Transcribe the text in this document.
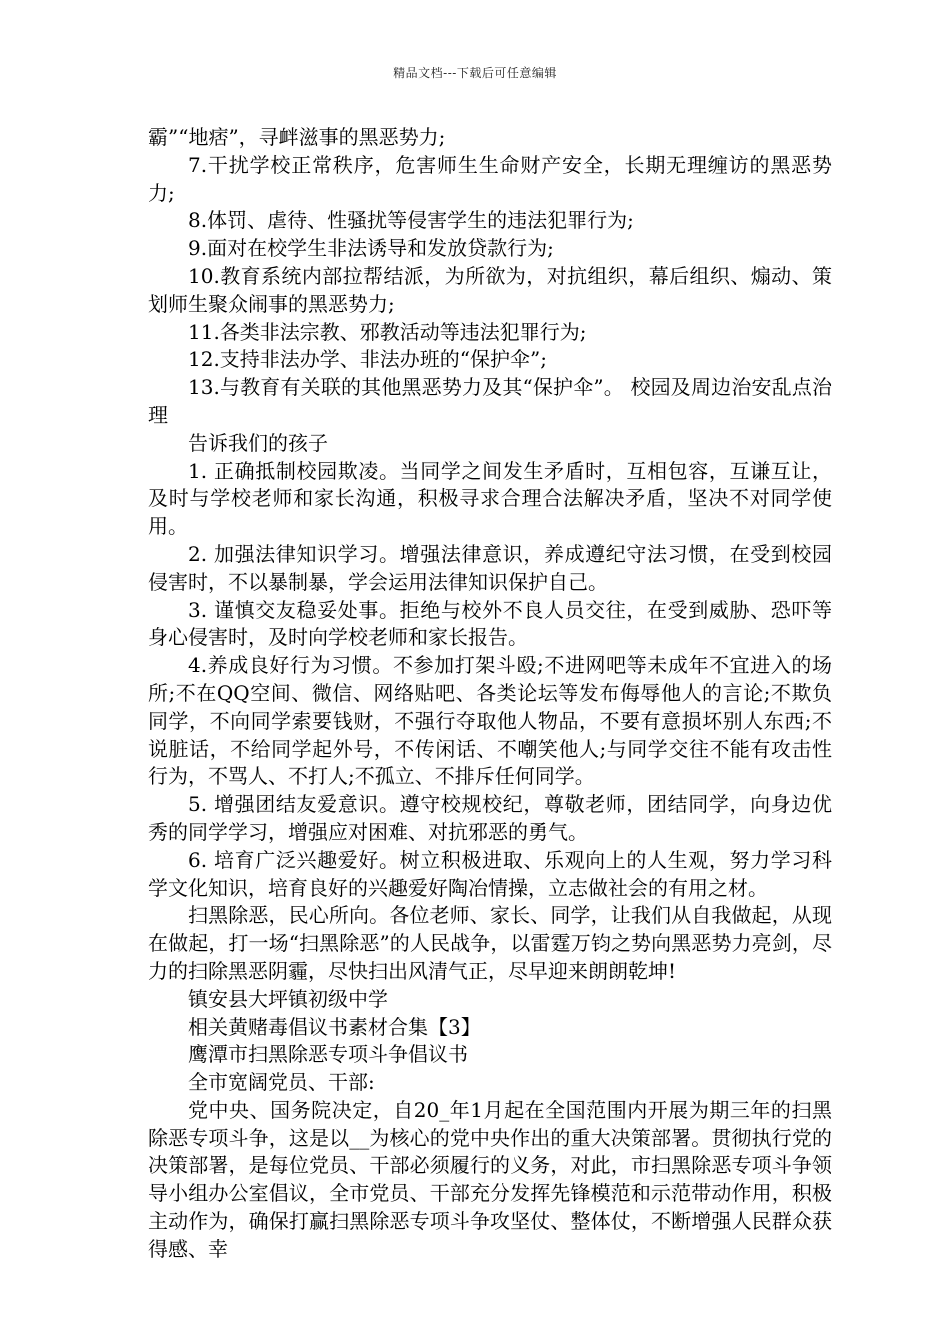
精品文档---下载后可任意编辑

霸”“地痞”，寻衅滋事的黑恶势力;

7.干扰学校正常秩序，危害师生生命财产安全，长期无理缠访的黑恶势力;

8.体罚、虐待、性骚扰等侵害学生的违法犯罪行为;

9.面对在校学生非法诱导和发放贷款行为;

10.教育系统内部拉帮结派，为所欲为，对抗组织，幕后组织、煽动、策划师生聚众闹事的黑恶势力;

11.各类非法宗教、邪教活动等违法犯罪行为;

12.支持非法办学、非法办班的“保护伞”;

13.与教育有关联的其他黑恶势力及其“保护伞”。 校园及周边治安乱点治理

告诉我们的孩子

1. 正确抵制校园欺凌。当同学之间发生矛盾时，互相包容，互谦互让，及时与学校老师和家长沟通，积极寻求合理合法解决矛盾，坚决不对同学使用。

2. 加强法律知识学习。增强法律意识，养成遵纪守法习惯，在受到校园侵害时，不以暴制暴，学会运用法律知识保护自己。

3. 谨慎交友稳妥处事。拒绝与校外不良人员交往，在受到威胁、恐吓等身心侵害时，及时向学校老师和家长报告。

4.养成良好行为习惯。不参加打架斗殴;不进网吧等未成年不宜进入的场所;不在QQ空间、微信、网络贴吧、各类论坛等发布侮辱他人的言论;不欺负同学，不向同学索要钱财，不强行夺取他人物品，不要有意损坏别人东西;不说脏话，不给同学起外号，不传闲话、不嘲笑他人;与同学交往不能有攻击性行为，不骂人、不打人;不孤立、不排斥任何同学。

5. 增强团结友爱意识。遵守校规校纪，尊敬老师，团结同学，向身边优秀的同学学习，增强应对困难、对抗邪恶的勇气。

6. 培育广泛兴趣爱好。树立积极进取、乐观向上的人生观，努力学习科学文化知识，培育良好的兴趣爱好陶冶情操，立志做社会的有用之材。

扫黑除恶，民心所向。各位老师、家长、同学，让我们从自我做起，从现在做起，打一场“扫黑除恶”的人民战争，以雷霆万钧之势向黑恶势力亮剑，尽力的扫除黑恶阴霾，尽快扫出风清气正，尽早迎来朗朗乾坤!

镇安县大坪镇初级中学

相关黄赌毒倡议书素材合集【3】

鹰潭市扫黑除恶专项斗争倡议书

全市宽阔党员、干部:

党中央、国务院决定，自20_年1月起在全国范围内开展为期三年的扫黑除恶专项斗争，这是以__为核心的党中央作出的重大决策部署。贯彻执行党的决策部署，是每位党员、干部必须履行的义务，对此，市扫黑除恶专项斗争领导小组办公室倡议，全市党员、干部充分发挥先锋模范和示范带动作用，积极主动作为，确保打赢扫黑除恶专项斗争攻坚仗、整体仗，不断增强人民群众获得感、幸
